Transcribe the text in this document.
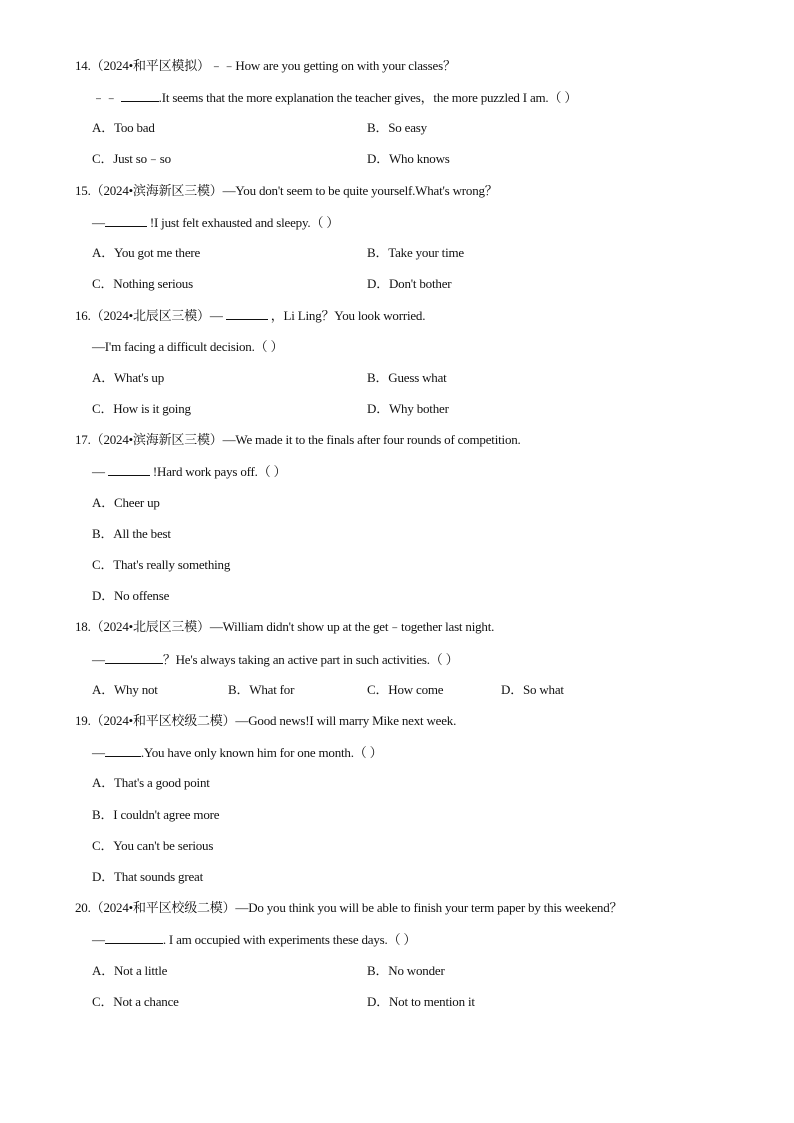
14.（2024•和平区模拟）﹣﹣How are you getting on with your classes？
﹣﹣	.It seems that the more explanation the teacher gives，the more puzzled I am.（ ）
A．Too bad	B．So easy
C．Just so﹣so	D．Who knows
15.（2024•滨海新区三模）—You don't seem to be quite yourself.What's wrong？
—	!I just felt exhausted and sleepy.（ ）
A．You got me there	B．Take your time
C．Nothing serious	D．Don't bother
16.（2024•北辰区三模）—	，Li Ling？You look worried.
—I'm facing a difficult decision.（ ）
A．What's up	B．Guess what
C．How is it going	D．Why bother
17.（2024•滨海新区三模）—We made it to the finals after four rounds of competition.
—	!Hard work pays off.（ ）
A．Cheer up
B．All the best
C．That's really something
D．No offense
18.（2024•北辰区三模）—William didn't show up at the get﹣together last night.
—	？He's always taking an active part in such activities.（ ）
A．Why not	B．What for	C．How come	D．So what
19.（2024•和平区校级二模）—Good news!I will marry Mike next week.
—	.You have only known him for one month.（ ）
A．That's a good point
B．I couldn't agree more
C．You can't be serious
D．That sounds great
20.（2024•和平区校级二模）—Do you think you will be able to finish your term paper by this weekend？
—	. I am occupied with experiments these days.（ ）
A．Not a little	B．No wonder
C．Not a chance	D．Not to mention it
